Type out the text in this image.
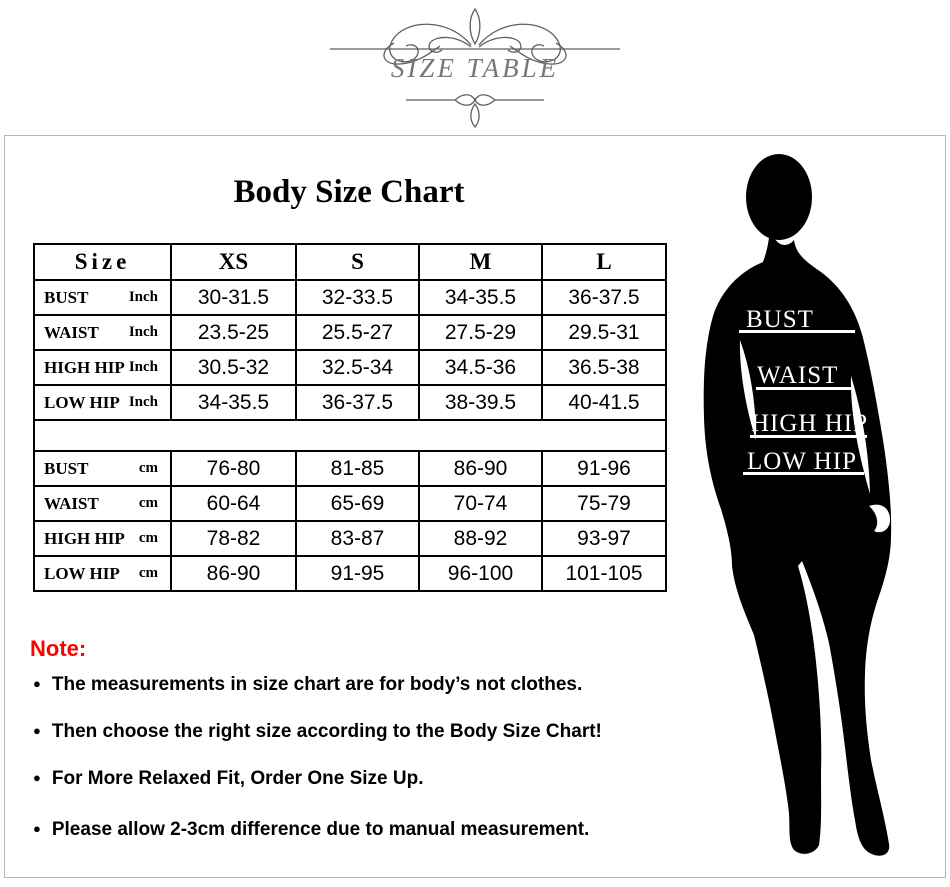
SIZE TABLE
Body Size Chart
Size	XS	S	M	L

BUST Inch	30-31.5	32-33.5	34-35.5	36-37.5

WAIST Inch	23.5-25	25.5-27	27.5-29	29.5-31

HIGH HIP Inch	30.5-32	32.5-34	34.5-36	36.5-38

LOW HIP Inch	34-35.5	36-37.5	38-39.5	40-41.5

BUST cm	76-80	81-85	86-90	91-96

WAIST cm	60-64	65-69	70-74	75-79

HIGH HIP cm	78-82	83-87	88-92	93-97

LOW HIP cm	86-90	91-95	96-100	101-105
Note:
● The measurements in size chart are for body’s not clothes.
● Then choose the right size according to the Body Size Chart!
● For More Relaxed Fit, Order One Size Up.
● Please allow 2-3cm difference due to manual measurement.
BUST
WAIST
HIGH HIP
LOW HIP
